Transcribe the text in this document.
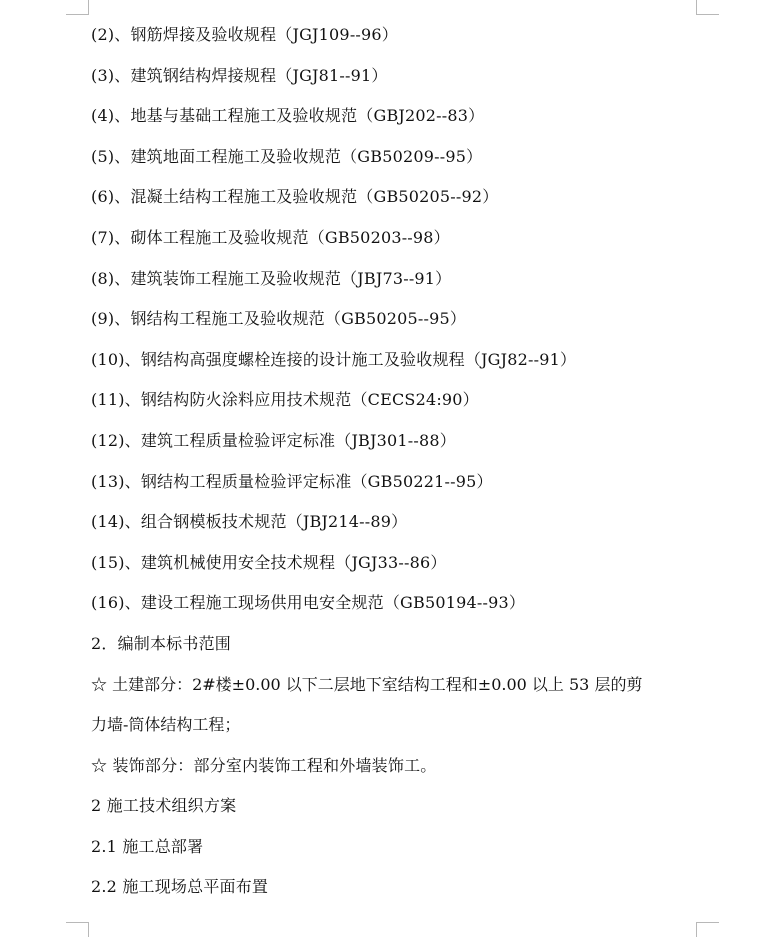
(2)、钢筋焊接及验收规程（JGJ109--96）
(3)、建筑钢结构焊接规程（JGJ81--91）
(4)、地基与基础工程施工及验收规范（GBJ202--83）
(5)、建筑地面工程施工及验收规范（GB50209--95）
(6)、混凝土结构工程施工及验收规范（GB50205--92）
(7)、砌体工程施工及验收规范（GB50203--98）
(8)、建筑装饰工程施工及验收规范（JBJ73--91）
(9)、钢结构工程施工及验收规范（GB50205--95）
(10)、钢结构高强度螺栓连接的设计施工及验收规程（JGJ82--91）
(11)、钢结构防火涂料应用技术规范（CECS24:90）
(12)、建筑工程质量检验评定标准（JBJ301--88）
(13)、钢结构工程质量检验评定标准（GB50221--95）
(14)、组合钢模板技术规范（JBJ214--89）
(15)、建筑机械使用安全技术规程（JGJ33--86）
(16)、建设工程施工现场供用电安全规范（GB50194--93）
2．编制本标书范围
☆ 土建部分：2#楼±0.00 以下二层地下室结构工程和±0.00 以上 53 层的剪
力墙-筒体结构工程；
☆ 装饰部分：部分室内装饰工程和外墙装饰工。
2 施工技术组织方案
2.1 施工总部署
2.2 施工现场总平面布置
